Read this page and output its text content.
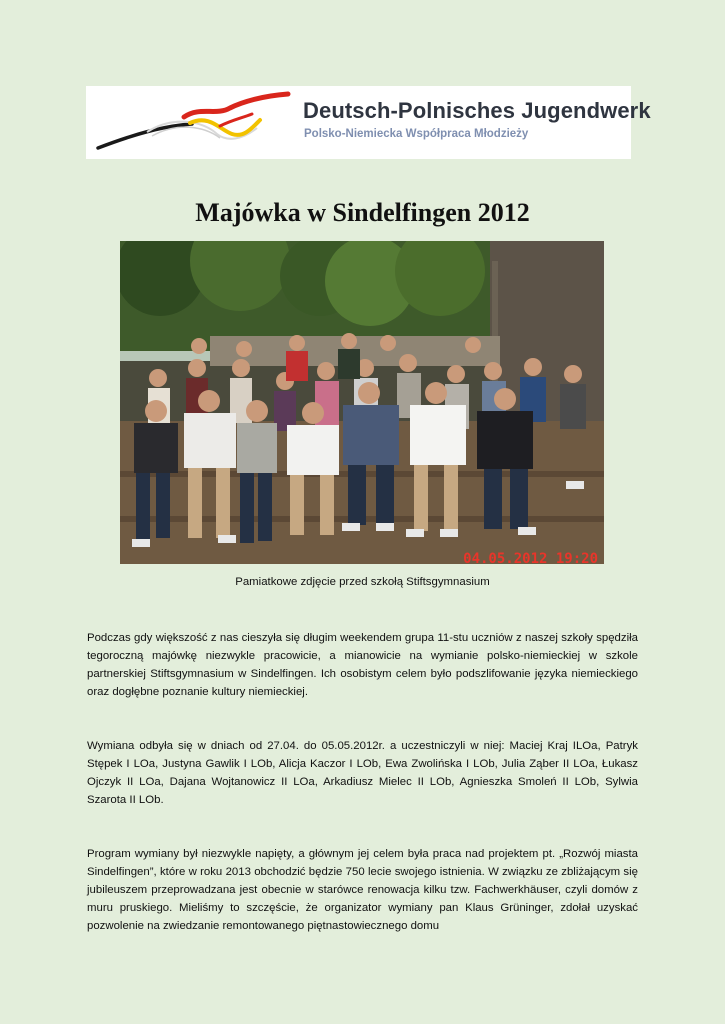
Deutsch-Polnisches Jugendwerk
Polsko-Niemiecka Współpraca Młodzieży
Majówka w Sindelfingen 2012
04.05.2012 19:20
Pamiatkowe zdjęcie przed szkołą Stiftsgymnasium

Podczas gdy większość z nas cieszyła się długim weekendem grupa 11-stu uczniów z naszej szkoły spędziła tegoroczną majówkę niezwykle pracowicie, a mianowicie na wymianie polsko-niemieckiej w szkole partnerskiej Stiftsgymnasium w Sindelfingen. Ich osobistym celem było podszlifowanie języka niemieckiego oraz dogłębne poznanie kultury niemieckiej.

Wymiana odbyła się w dniach od 27.04. do 05.05.2012r. a uczestniczyli w niej: Maciej Kraj ILOa, Patryk Stępek I LOa, Justyna Gawlik I LOb, Alicja Kaczor I LOb, Ewa Zwolińska I LOb, Julia Ząber II LOa, Łukasz Ojczyk II LOa, Dajana Wojtanowicz II LOa, Arkadiusz Mielec II LOb, Agnieszka Smoleń II LOb, Sylwia Szarota II LOb.

Program wymiany był niezwykle napięty, a głównym jej celem była praca nad projektem pt. „Rozwój miasta Sindelfingen”, które w roku 2013 obchodzić będzie 750 lecie swojego istnienia. W związku ze zbliżającym się jubileuszem przeprowadzana jest obecnie w starówce renowacja kilku tzw. Fachwerkhäuser, czyli domów z muru pruskiego. Mieliśmy to szczęście, że organizator wymiany pan Klaus Grüninger, zdołał uzyskać pozwolenie na zwiedzanie remontowanego piętnastowiecznego domu
